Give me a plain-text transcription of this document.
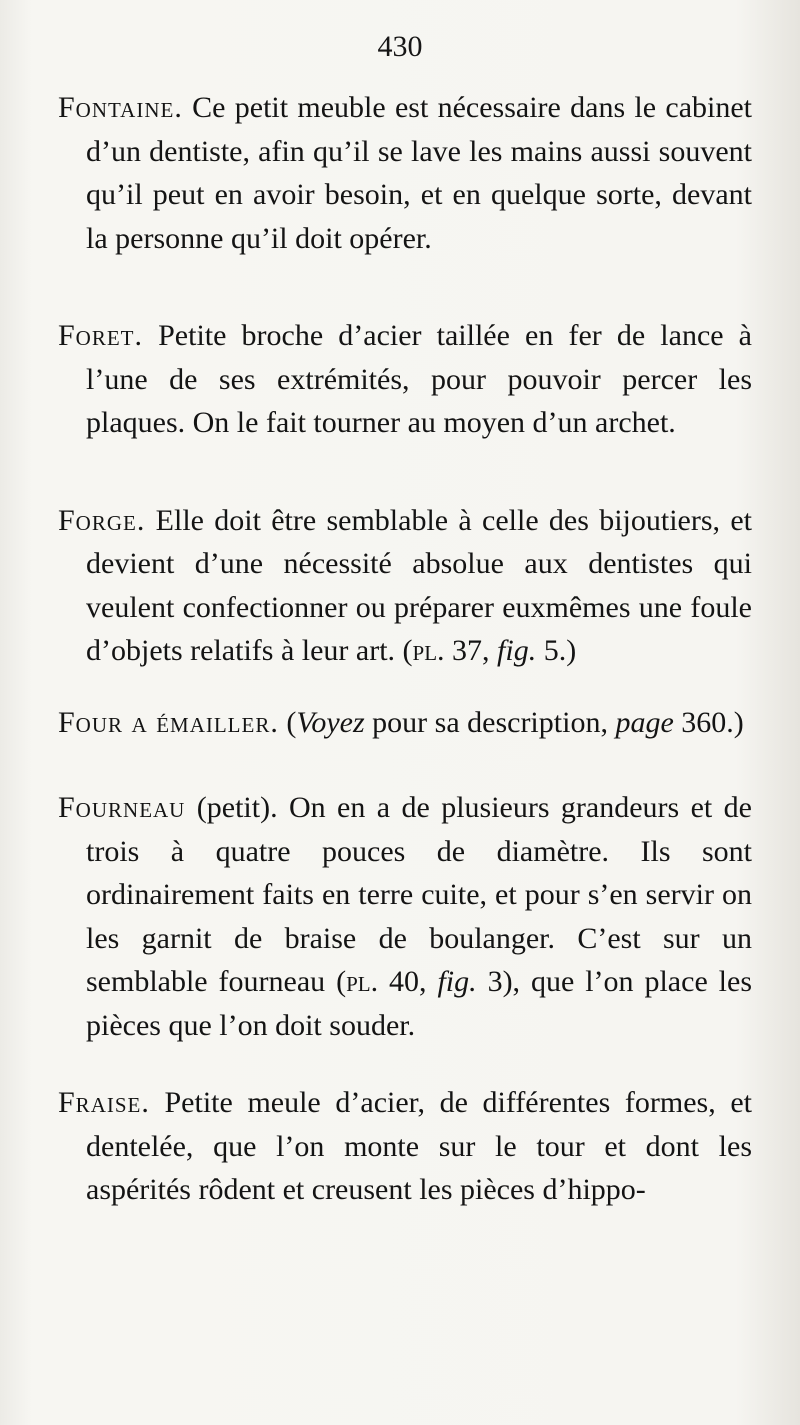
430

Fontaine. Ce petit meuble est nécessaire dans le cabinet d’un dentiste, afin qu’il se lave les mains aussi souvent qu’il peut en avoir besoin, et en quelque sorte, devant la personne qu’il doit opérer.

Foret. Petite broche d’acier taillée en fer de lance à l’une de ses extrémités, pour pouvoir percer les plaques. On le fait tourner au moyen d’un archet.

Forge. Elle doit être semblable à celle des bijoutiers, et devient d’une nécessité absolue aux dentistes qui veulent confectionner ou préparer euxmêmes une foule d’objets relatifs à leur art. (pl. 37, fig. 5.)

Four a émailler. (Voyez pour sa description, page 360.)

Fourneau (petit). On en a de plusieurs grandeurs et de trois à quatre pouces de diamètre. Ils sont ordinairement faits en terre cuite, et pour s’en servir on les garnit de braise de boulanger. C’est sur un semblable fourneau (pl. 40, fig. 3), que l’on place les pièces que l’on doit souder.

Fraise. Petite meule d’acier, de différentes formes, et dentelée, que l’on monte sur le tour et dont les aspérités rôdent et creusent les pièces d’hippo-
